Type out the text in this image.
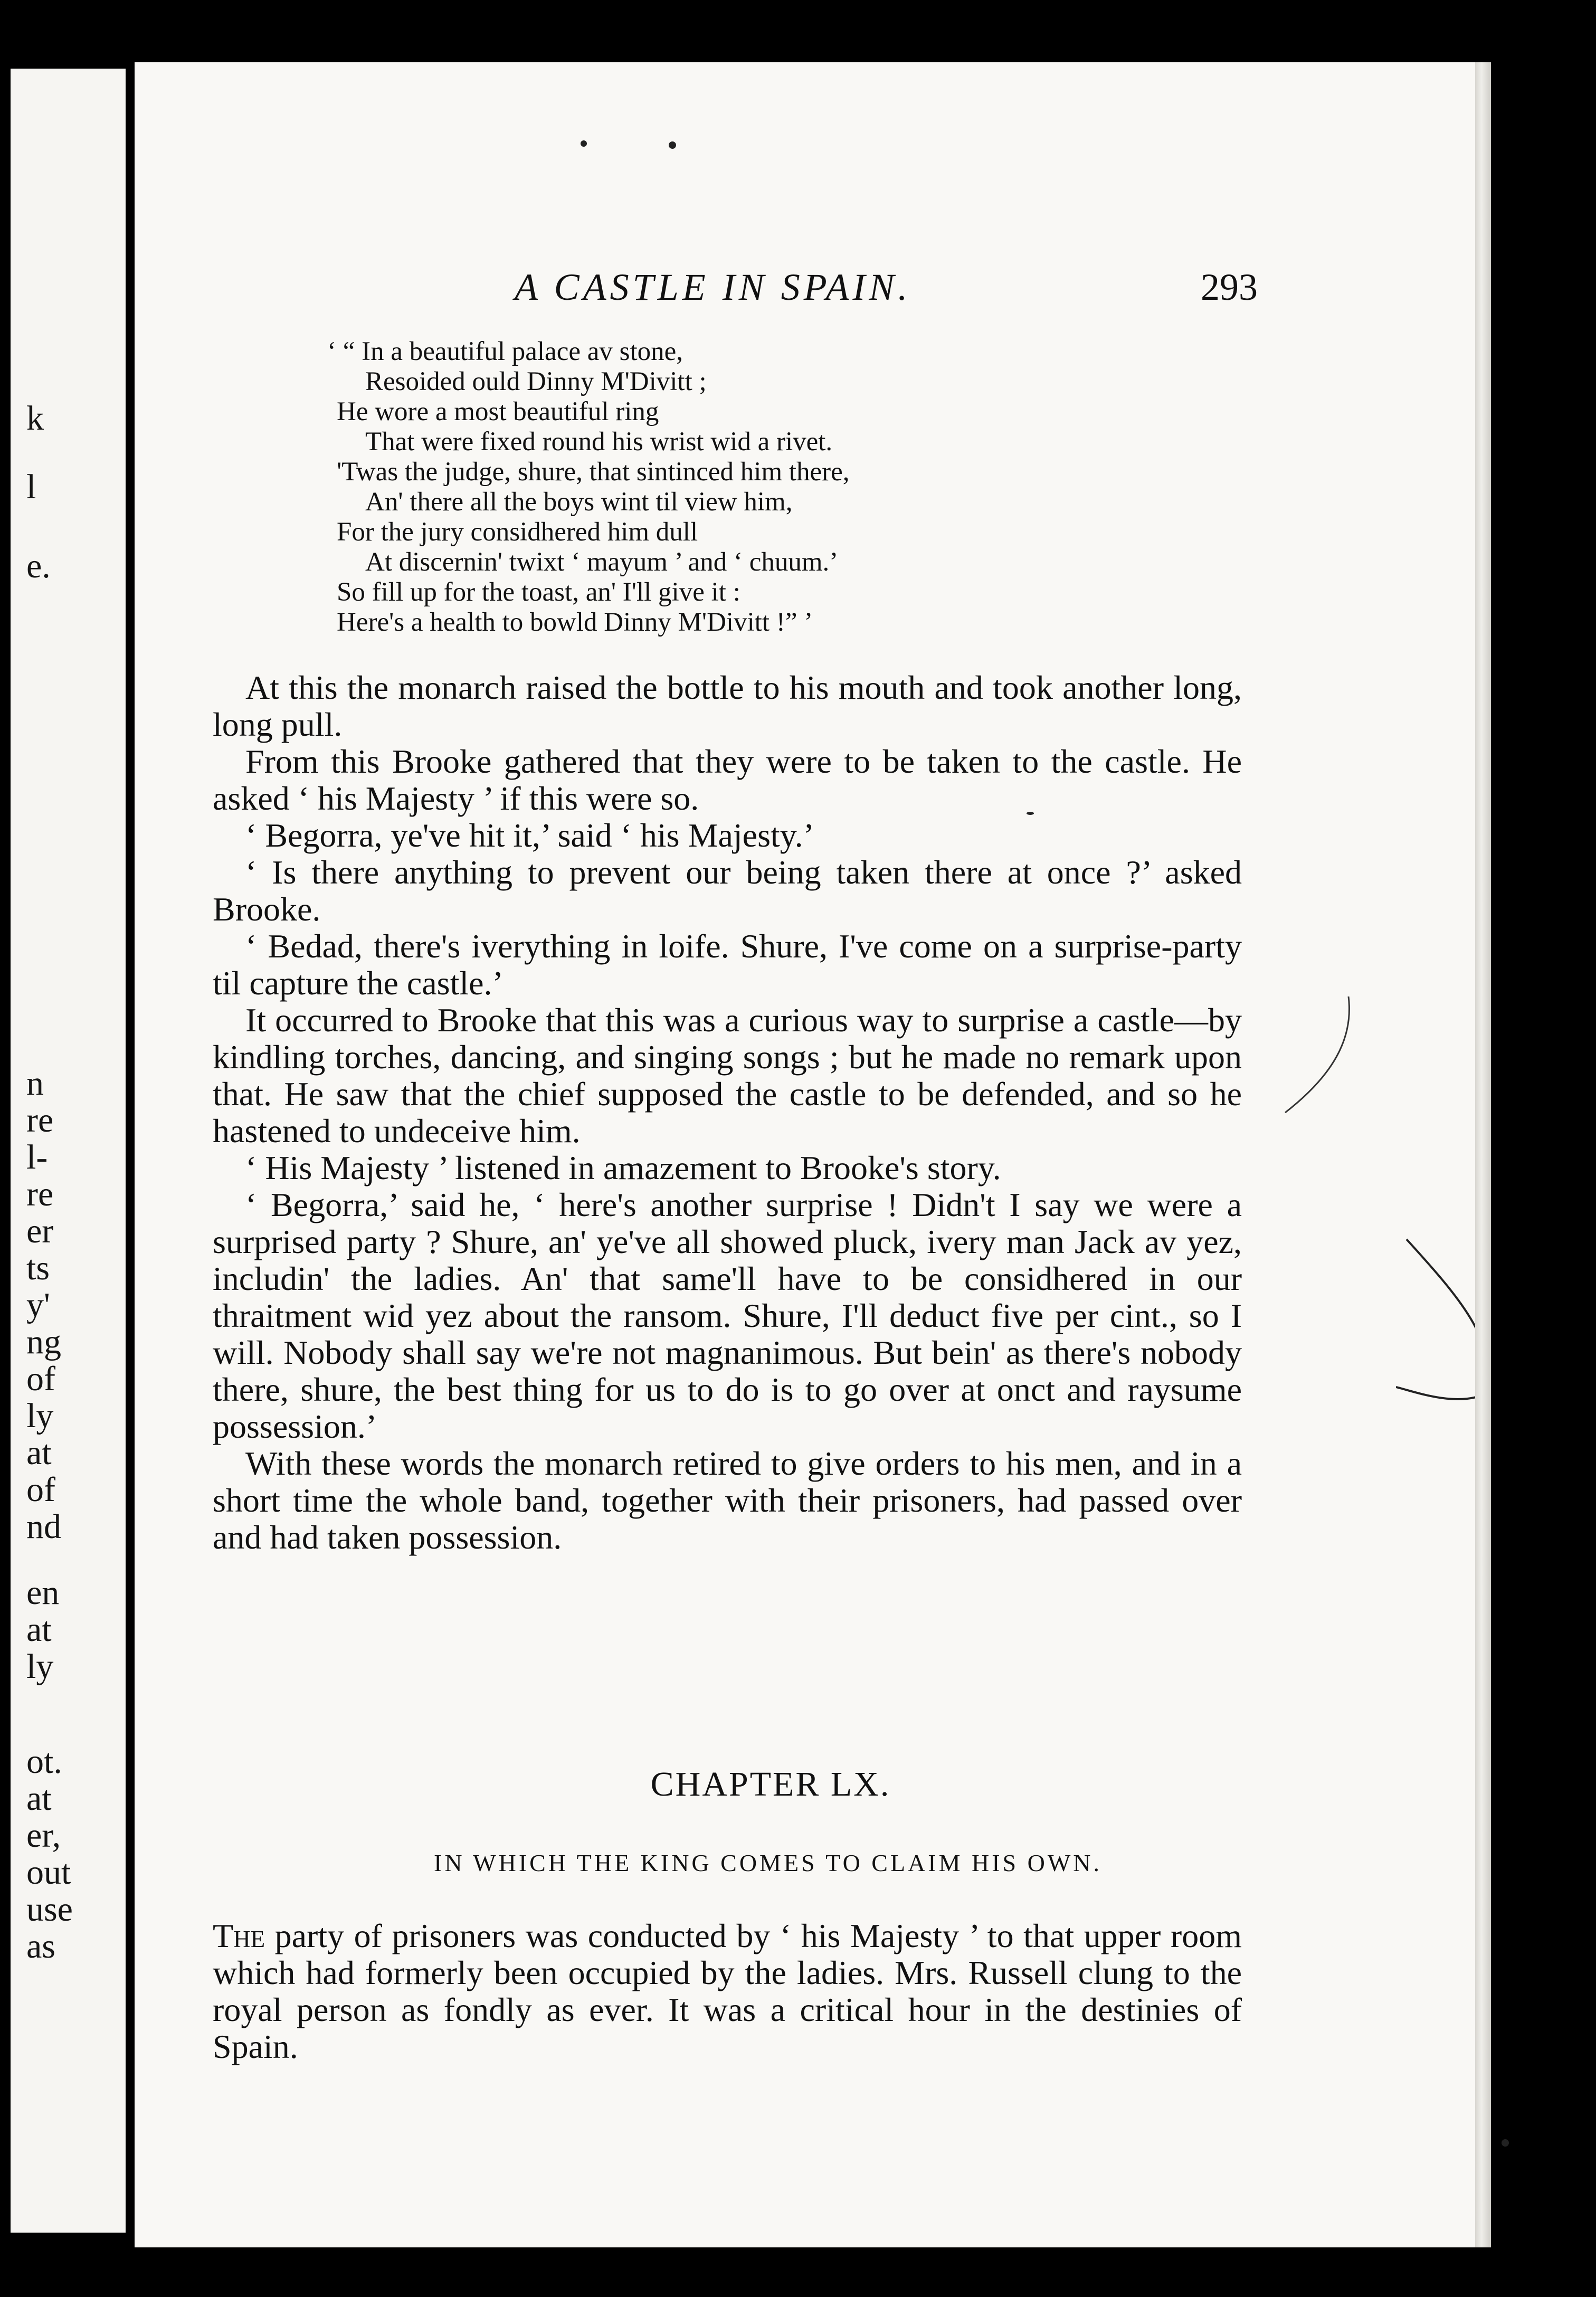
k
l
e.
n
re
l-
re
er
ts
y'
ng
of
ly
at
of
nd
en
at
ly
ot.
at
er,
out
use
as
A CASTLE IN SPAIN.	293
‘ “ In a beautiful palace av stone,
Resoided ould Dinny M'Divitt ;
He wore a most beautiful ring
That were fixed round his wrist wid a rivet.
'Twas the judge, shure, that sintinced him there,
An' there all the boys wint til view him,
For the jury considhered him dull
At discernin' twixt ‘ mayum ’ and ‘ chuum.’
So fill up for the toast, an' I'll give it :
Here's a health to bowld Dinny M'Divitt !” ’

At this the monarch raised the bottle to his mouth and took another long, long pull.

From this Brooke gathered that they were to be taken to the castle. He asked ‘ his Majesty ’ if this were so.

‘ Begorra, ye've hit it,’ said ‘ his Majesty.’

‘ Is there anything to prevent our being taken there at once ?’ asked Brooke.

‘ Bedad, there's iverything in loife. Shure, I've come on a surprise-party til capture the castle.’

It occurred to Brooke that this was a curious way to surprise a castle—by kindling torches, dancing, and singing songs ; but he made no remark upon that. He saw that the chief supposed the castle to be defended, and so he hastened to undeceive him.

‘ His Majesty ’ listened in amazement to Brooke's story.

‘ Begorra,’ said he, ‘ here's another surprise ! Didn't I say we were a surprised party ? Shure, an' ye've all showed pluck, ivery man Jack av yez, includin' the ladies. An' that same'll have to be considhered in our thraitment wid yez about the ransom. Shure, I'll deduct five per cint., so I will. Nobody shall say we're not magnanimous. But bein' as there's nobody there, shure, the best thing for us to do is to go over at onct and raysume possession.’

With these words the monarch retired to give orders to his men, and in a short time the whole band, together with their prisoners, had passed over and had taken possession.

CHAPTER LX.
IN WHICH THE KING COMES TO CLAIM HIS OWN.

The party of prisoners was conducted by ‘ his Majesty ’ to that upper room which had formerly been occupied by the ladies. Mrs. Russell clung to the royal person as fondly as ever. It was a critical hour in the destinies of Spain.
